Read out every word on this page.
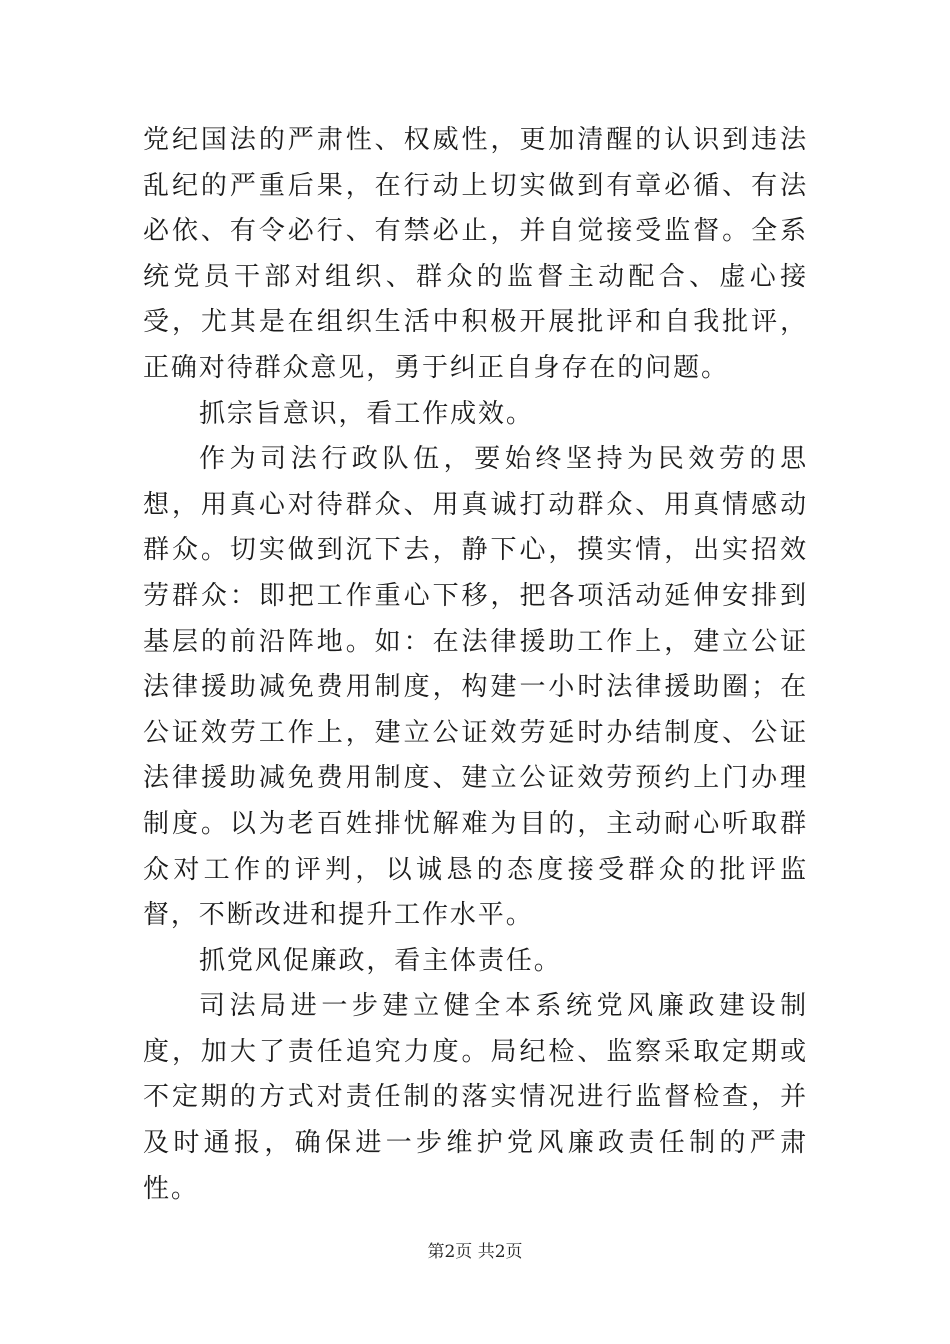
党纪国法的严肃性、权威性，更加清醒的认识到违法乱纪的严重后果，在行动上切实做到有章必循、有法必依、有令必行、有禁必止，并自觉接受监督。全系统党员干部对组织、群众的监督主动配合、虚心接受，尤其是在组织生活中积极开展批评和自我批评，正确对待群众意见，勇于纠正自身存在的问题。

抓宗旨意识，看工作成效。

作为司法行政队伍，要始终坚持为民效劳的思想，用真心对待群众、用真诚打动群众、用真情感动群众。切实做到沉下去，静下心，摸实情，出实招效劳群众：即把工作重心下移，把各项活动延伸安排到基层的前沿阵地。如：在法律援助工作上，建立公证法律援助减免费用制度，构建一小时法律援助圈；在公证效劳工作上，建立公证效劳延时办结制度、公证法律援助减免费用制度、建立公证效劳预约上门办理制度。以为老百姓排忧解难为目的，主动耐心听取群众对工作的评判，以诚恳的态度接受群众的批评监督，不断改进和提升工作水平。

抓党风促廉政，看主体责任。

司法局进一步建立健全本系统党风廉政建设制度，加大了责任追究力度。局纪检、监察采取定期或不定期的方式对责任制的落实情况进行监督检查，并及时通报，确保进一步维护党风廉政责任制的严肃性。

第2页 共2页
